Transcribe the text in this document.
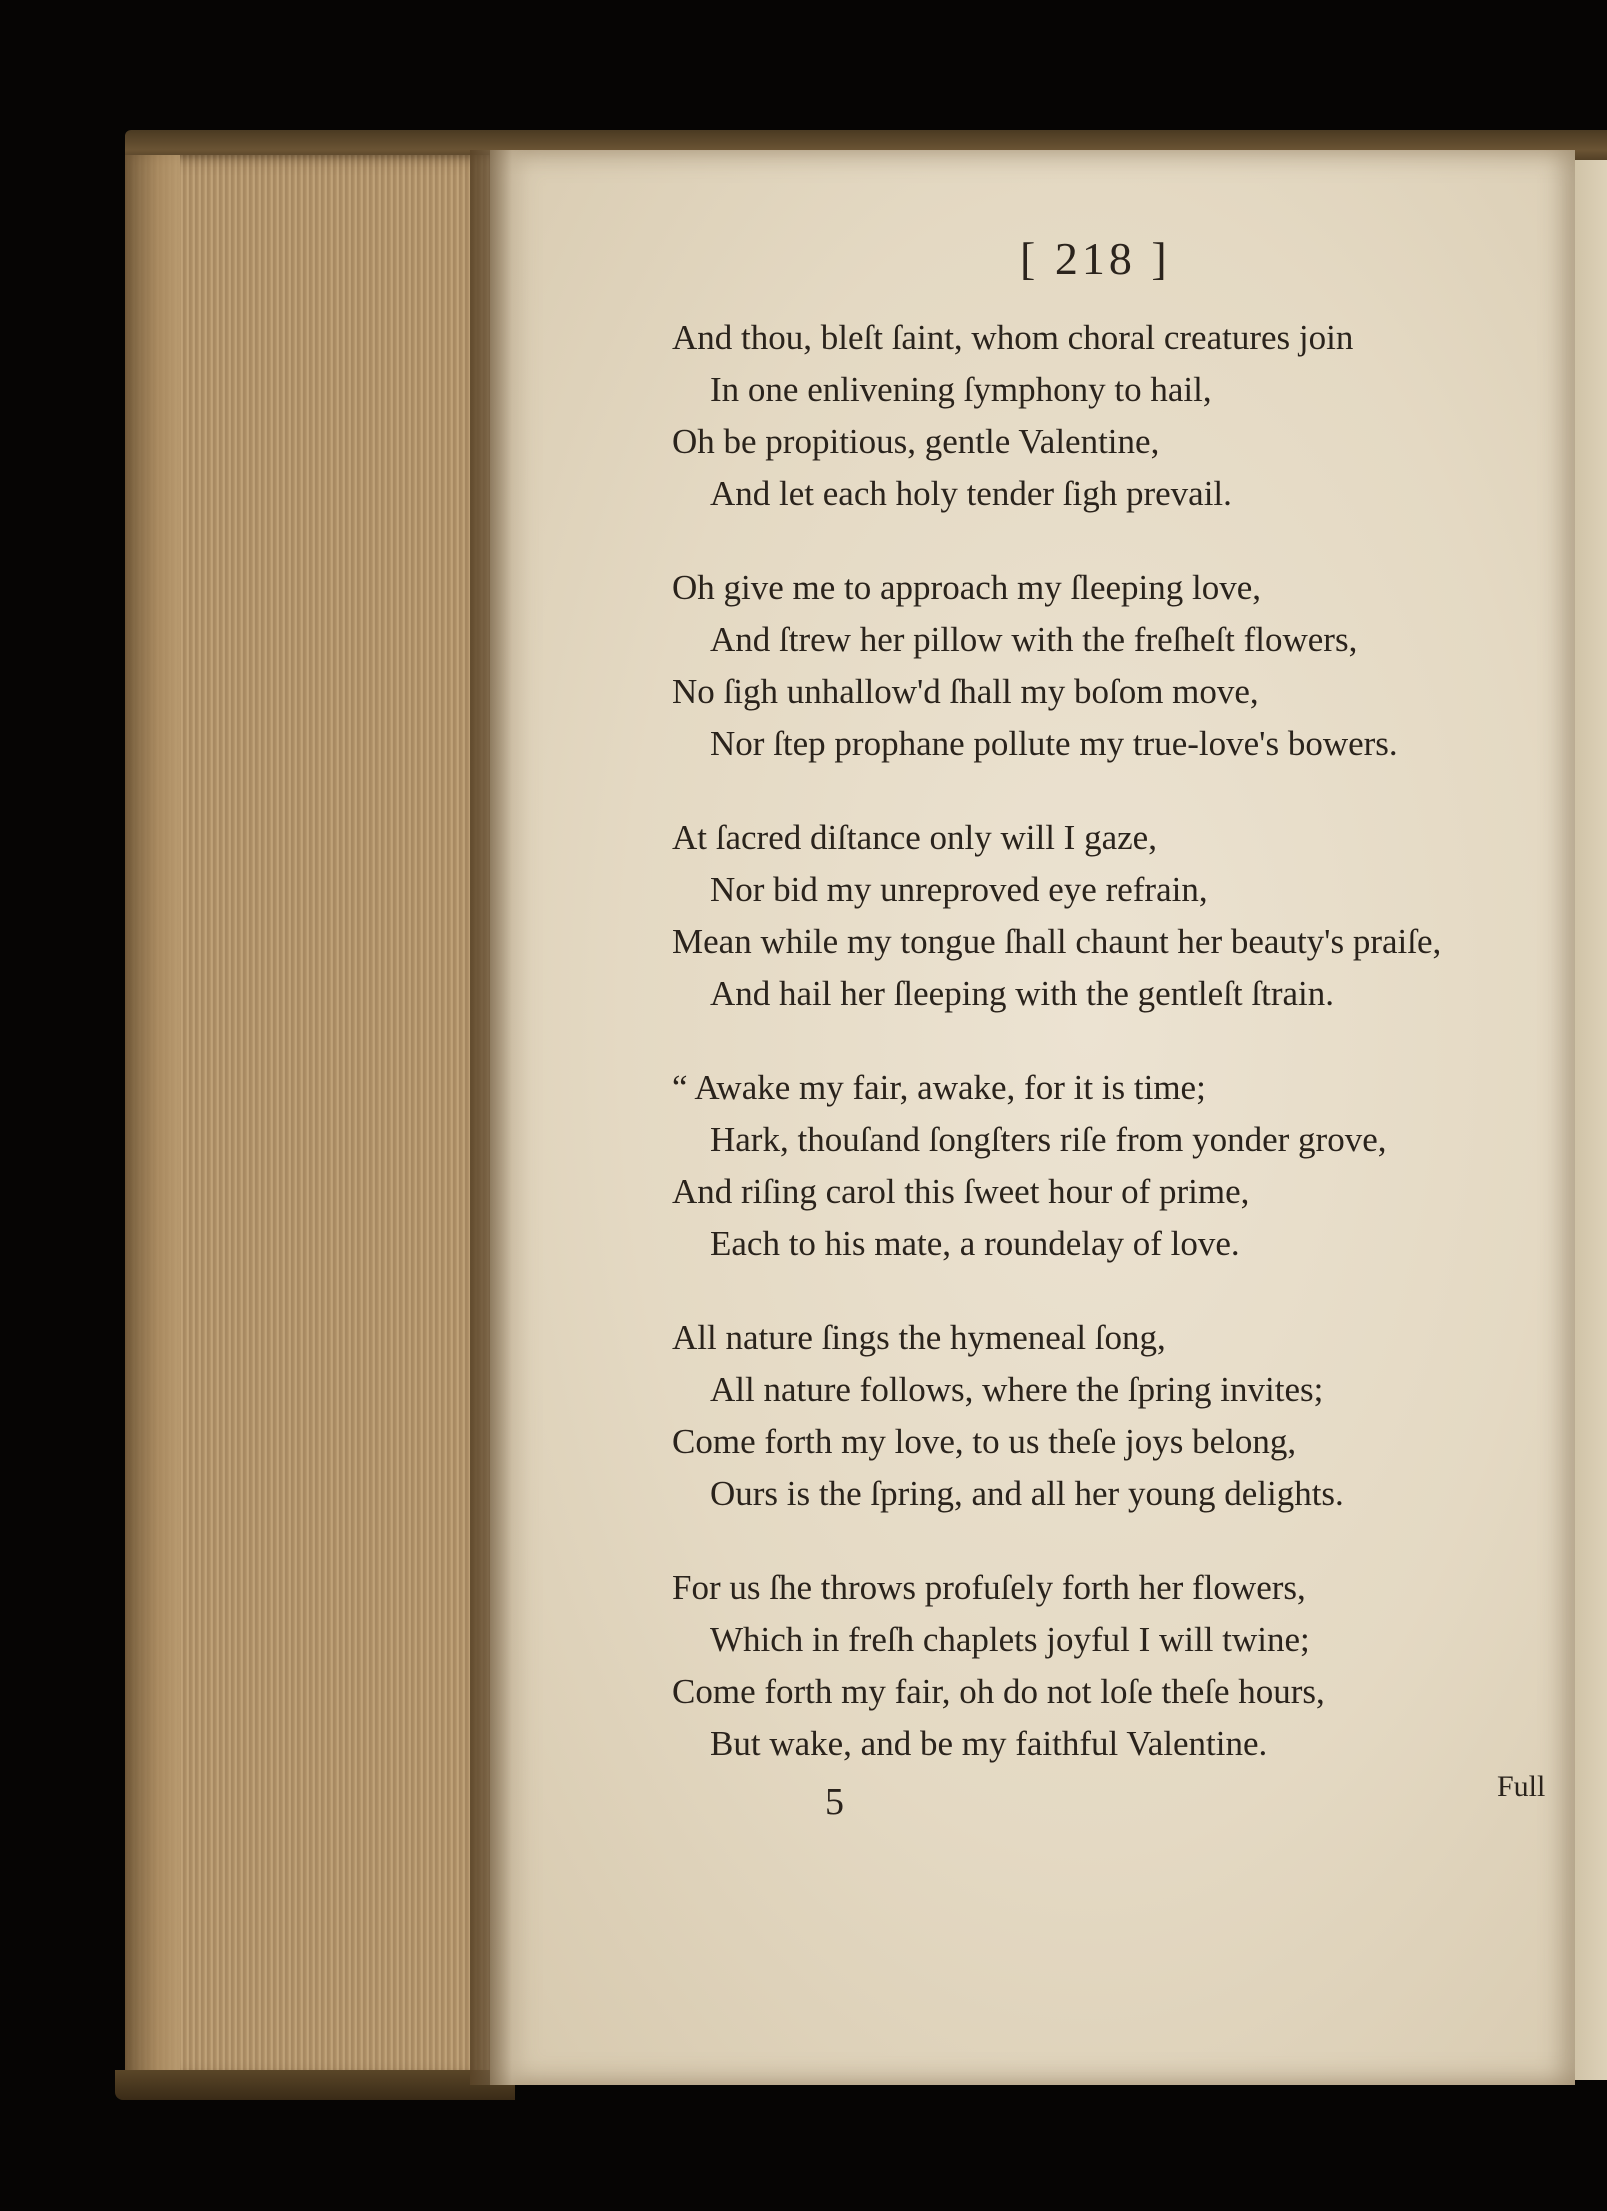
[ 218 ]
And thou, bleſt ſaint, whom choral creatures join
In one enlivening ſymphony to hail,
Oh be propitious, gentle Valentine,
And let each holy tender ſigh prevail.
Oh give me to approach my ſleeping love,
And ſtrew her pillow with the freſheſt flowers,
No ſigh unhallow'd ſhall my boſom move,
Nor ſtep prophane pollute my true-love's bowers.
At ſacred diſtance only will I gaze,
Nor bid my unreproved eye refrain,
Mean while my tongue ſhall chaunt her beauty's praiſe,
And hail her ſleeping with the gentleſt ſtrain.
“ Awake my fair, awake, for it is time;
Hark, thouſand ſongſters riſe from yonder grove,
And riſing carol this ſweet hour of prime,
Each to his mate, a roundelay of love.
All nature ſings the hymeneal ſong,
All nature follows, where the ſpring invites;
Come forth my love, to us theſe joys belong,
Ours is the ſpring, and all her young delights.
For us ſhe throws profuſely forth her flowers,
Which in freſh chaplets joyful I will twine;
Come forth my fair, oh do not loſe theſe hours,
But wake, and be my faithful Valentine.
5	Full
